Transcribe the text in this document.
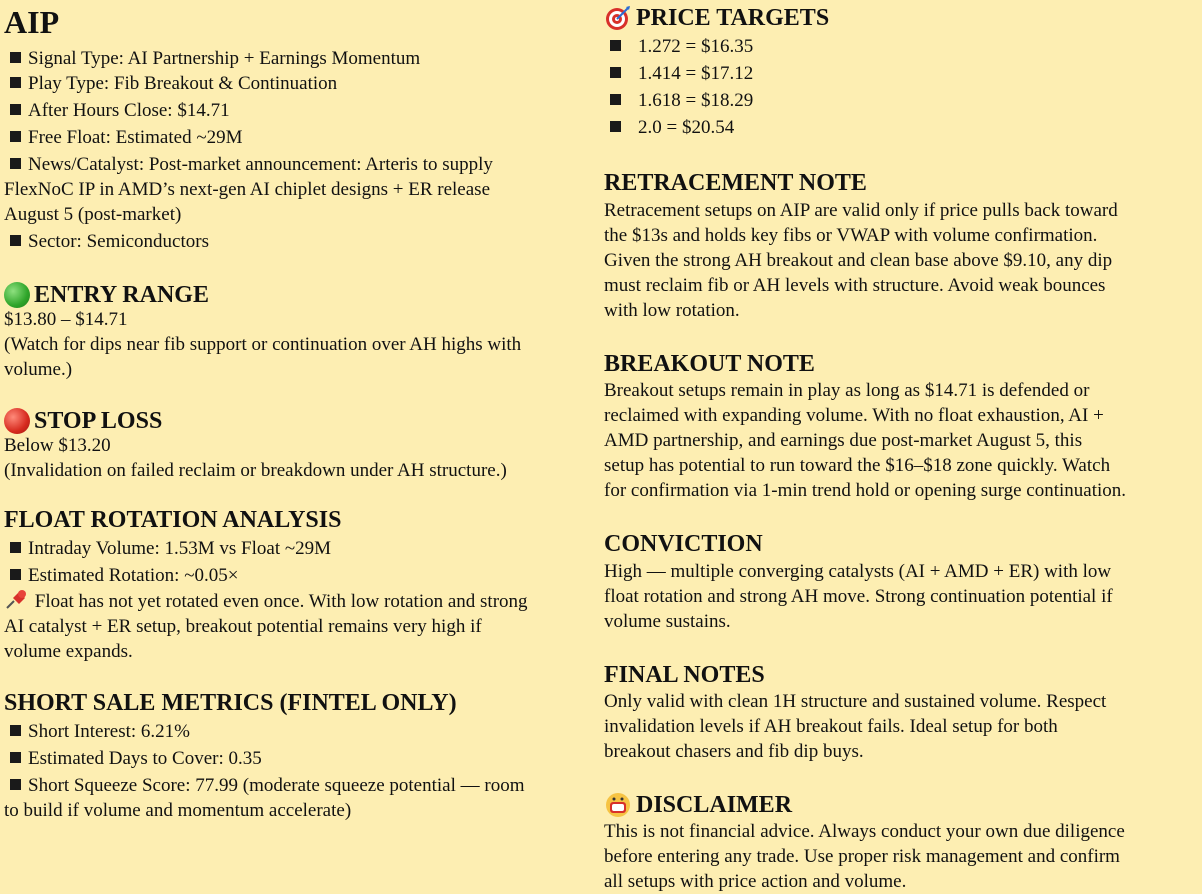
AIP
Signal Type: AI Partnership + Earnings Momentum
Play Type: Fib Breakout & Continuation
After Hours Close: $14.71
Free Float: Estimated ~29M
News/Catalyst: Post-market announcement: Arteris to supply
FlexNoC IP in AMD’s next-gen AI chiplet designs + ER release
August 5 (post-market)
Sector: Semiconductors
ENTRY RANGE
$13.80 – $14.71
(Watch for dips near fib support or continuation over AH highs with
volume.)
STOP LOSS
Below $13.20
(Invalidation on failed reclaim or breakdown under AH structure.)
FLOAT ROTATION ANALYSIS
Intraday Volume: 1.53M vs Float ~29M
Estimated Rotation: ~0.05×
Float has not yet rotated even once. With low rotation and strong
AI catalyst + ER setup, breakout potential remains very high if
volume expands.
SHORT SALE METRICS (FINTEL ONLY)
Short Interest: 6.21%
Estimated Days to Cover: 0.35
Short Squeeze Score: 77.99 (moderate squeeze potential — room
to build if volume and momentum accelerate)
PRICE TARGETS
1.272 = $16.35
1.414 = $17.12
1.618 = $18.29
2.0 = $20.54
RETRACEMENT NOTE
Retracement setups on AIP are valid only if price pulls back toward
the $13s and holds key fibs or VWAP with volume confirmation.
Given the strong AH breakout and clean base above $9.10, any dip
must reclaim fib or AH levels with structure. Avoid weak bounces
with low rotation.
BREAKOUT NOTE
Breakout setups remain in play as long as $14.71 is defended or
reclaimed with expanding volume. With no float exhaustion, AI +
AMD partnership, and earnings due post-market August 5, this
setup has potential to run toward the $16–$18 zone quickly. Watch
for confirmation via 1-min trend hold or opening surge continuation.
CONVICTION
High — multiple converging catalysts (AI + AMD + ER) with low
float rotation and strong AH move. Strong continuation potential if
volume sustains.
FINAL NOTES
Only valid with clean 1H structure and sustained volume. Respect
invalidation levels if AH breakout fails. Ideal setup for both
breakout chasers and fib dip buys.
DISCLAIMER
This is not financial advice. Always conduct your own due diligence
before entering any trade. Use proper risk management and confirm
all setups with price action and volume.
